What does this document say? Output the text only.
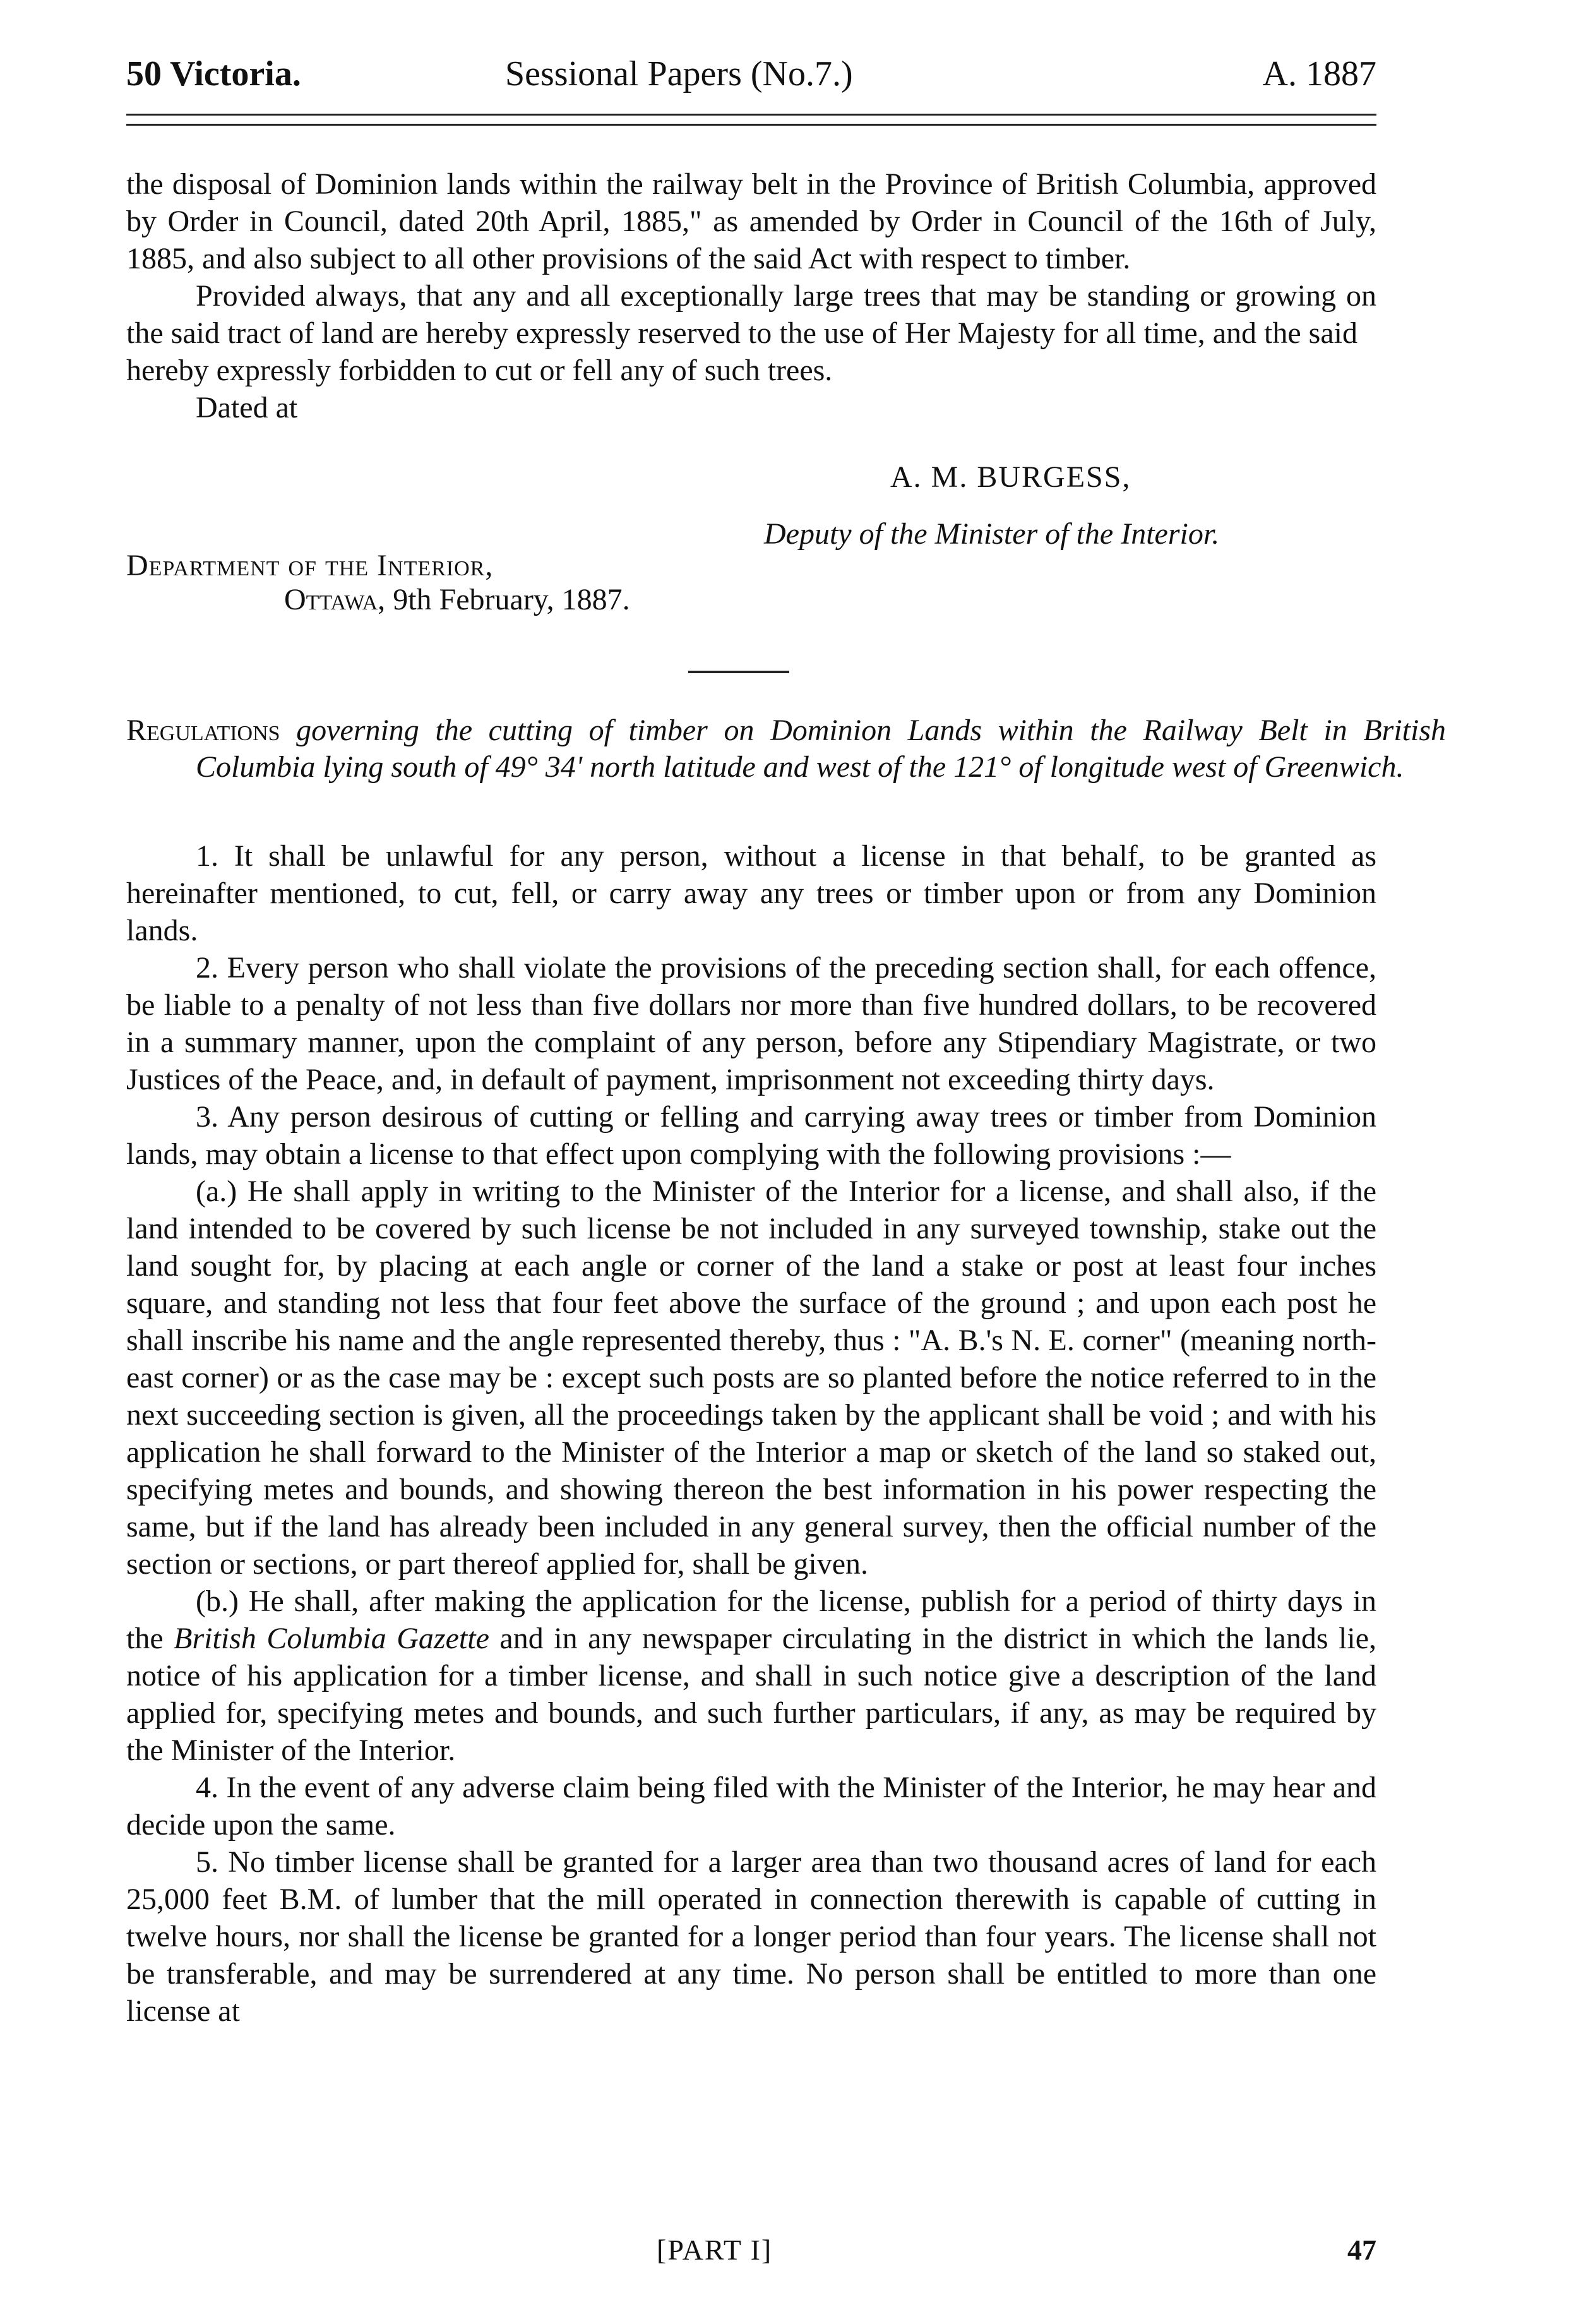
50 Victoria.	Sessional Papers (No.7.)	A. 1887

the disposal of Dominion lands within the railway belt in the Province of British Columbia, approved by Order in Council, dated 20th April, 1885," as amended by Order in Council of the 16th of July, 1885, and also subject to all other provisions of the said Act with respect to timber.

Provided always, that any and all exceptionally large trees that may be standing or growing on the said tract of land are hereby expressly reserved to the use of Her Majesty for all time, and the said

hereby expressly forbidden to cut or fell any of such trees.

Dated at

A. M. BURGESS,
Deputy of the Minister of the Interior.
Department of the Interior,
Ottawa, 9th February, 1887.
Regulations governing the cutting of timber on Dominion Lands within the Railway Belt in British Columbia lying south of 49° 34' north latitude and west of the 121° of longitude west of Greenwich.

1. It shall be unlawful for any person, without a license in that behalf, to be granted as hereinafter mentioned, to cut, fell, or carry away any trees or timber upon or from any Dominion lands.

2. Every person who shall violate the provisions of the preceding section shall, for each offence, be liable to a penalty of not less than five dollars nor more than five hundred dollars, to be recovered in a summary manner, upon the complaint of any person, before any Stipendiary Magistrate, or two Justices of the Peace, and, in default of payment, imprisonment not exceeding thirty days.

3. Any person desirous of cutting or felling and carrying away trees or timber from Dominion lands, may obtain a license to that effect upon complying with the following provisions :—

(a.) He shall apply in writing to the Minister of the Interior for a license, and shall also, if the land intended to be covered by such license be not included in any surveyed township, stake out the land sought for, by placing at each angle or corner of the land a stake or post at least four inches square, and standing not less that four feet above the surface of the ground ; and upon each post he shall inscribe his name and the angle represented thereby, thus : "A. B.'s N. E. corner" (meaning north-east corner) or as the case may be : except such posts are so planted before the notice referred to in the next succeeding section is given, all the proceedings taken by the applicant shall be void ; and with his application he shall forward to the Minister of the Interior a map or sketch of the land so staked out, specifying metes and bounds, and showing thereon the best information in his power respecting the same, but if the land has already been included in any general survey, then the official number of the section or sections, or part thereof applied for, shall be given.

(b.) He shall, after making the application for the license, publish for a period of thirty days in the British Columbia Gazette and in any newspaper circulating in the district in which the lands lie, notice of his application for a timber license, and shall in such notice give a description of the land applied for, specifying metes and bounds, and such further particulars, if any, as may be required by the Minister of the Interior.

4. In the event of any adverse claim being filed with the Minister of the Interior, he may hear and decide upon the same.

5. No timber license shall be granted for a larger area than two thousand acres of land for each 25,000 feet B.M. of lumber that the mill operated in connection therewith is capable of cutting in twelve hours, nor shall the license be granted for a longer period than four years. The license shall not be transferable, and may be surrendered at any time. No person shall be entitled to more than one license at

[PART I]	47
